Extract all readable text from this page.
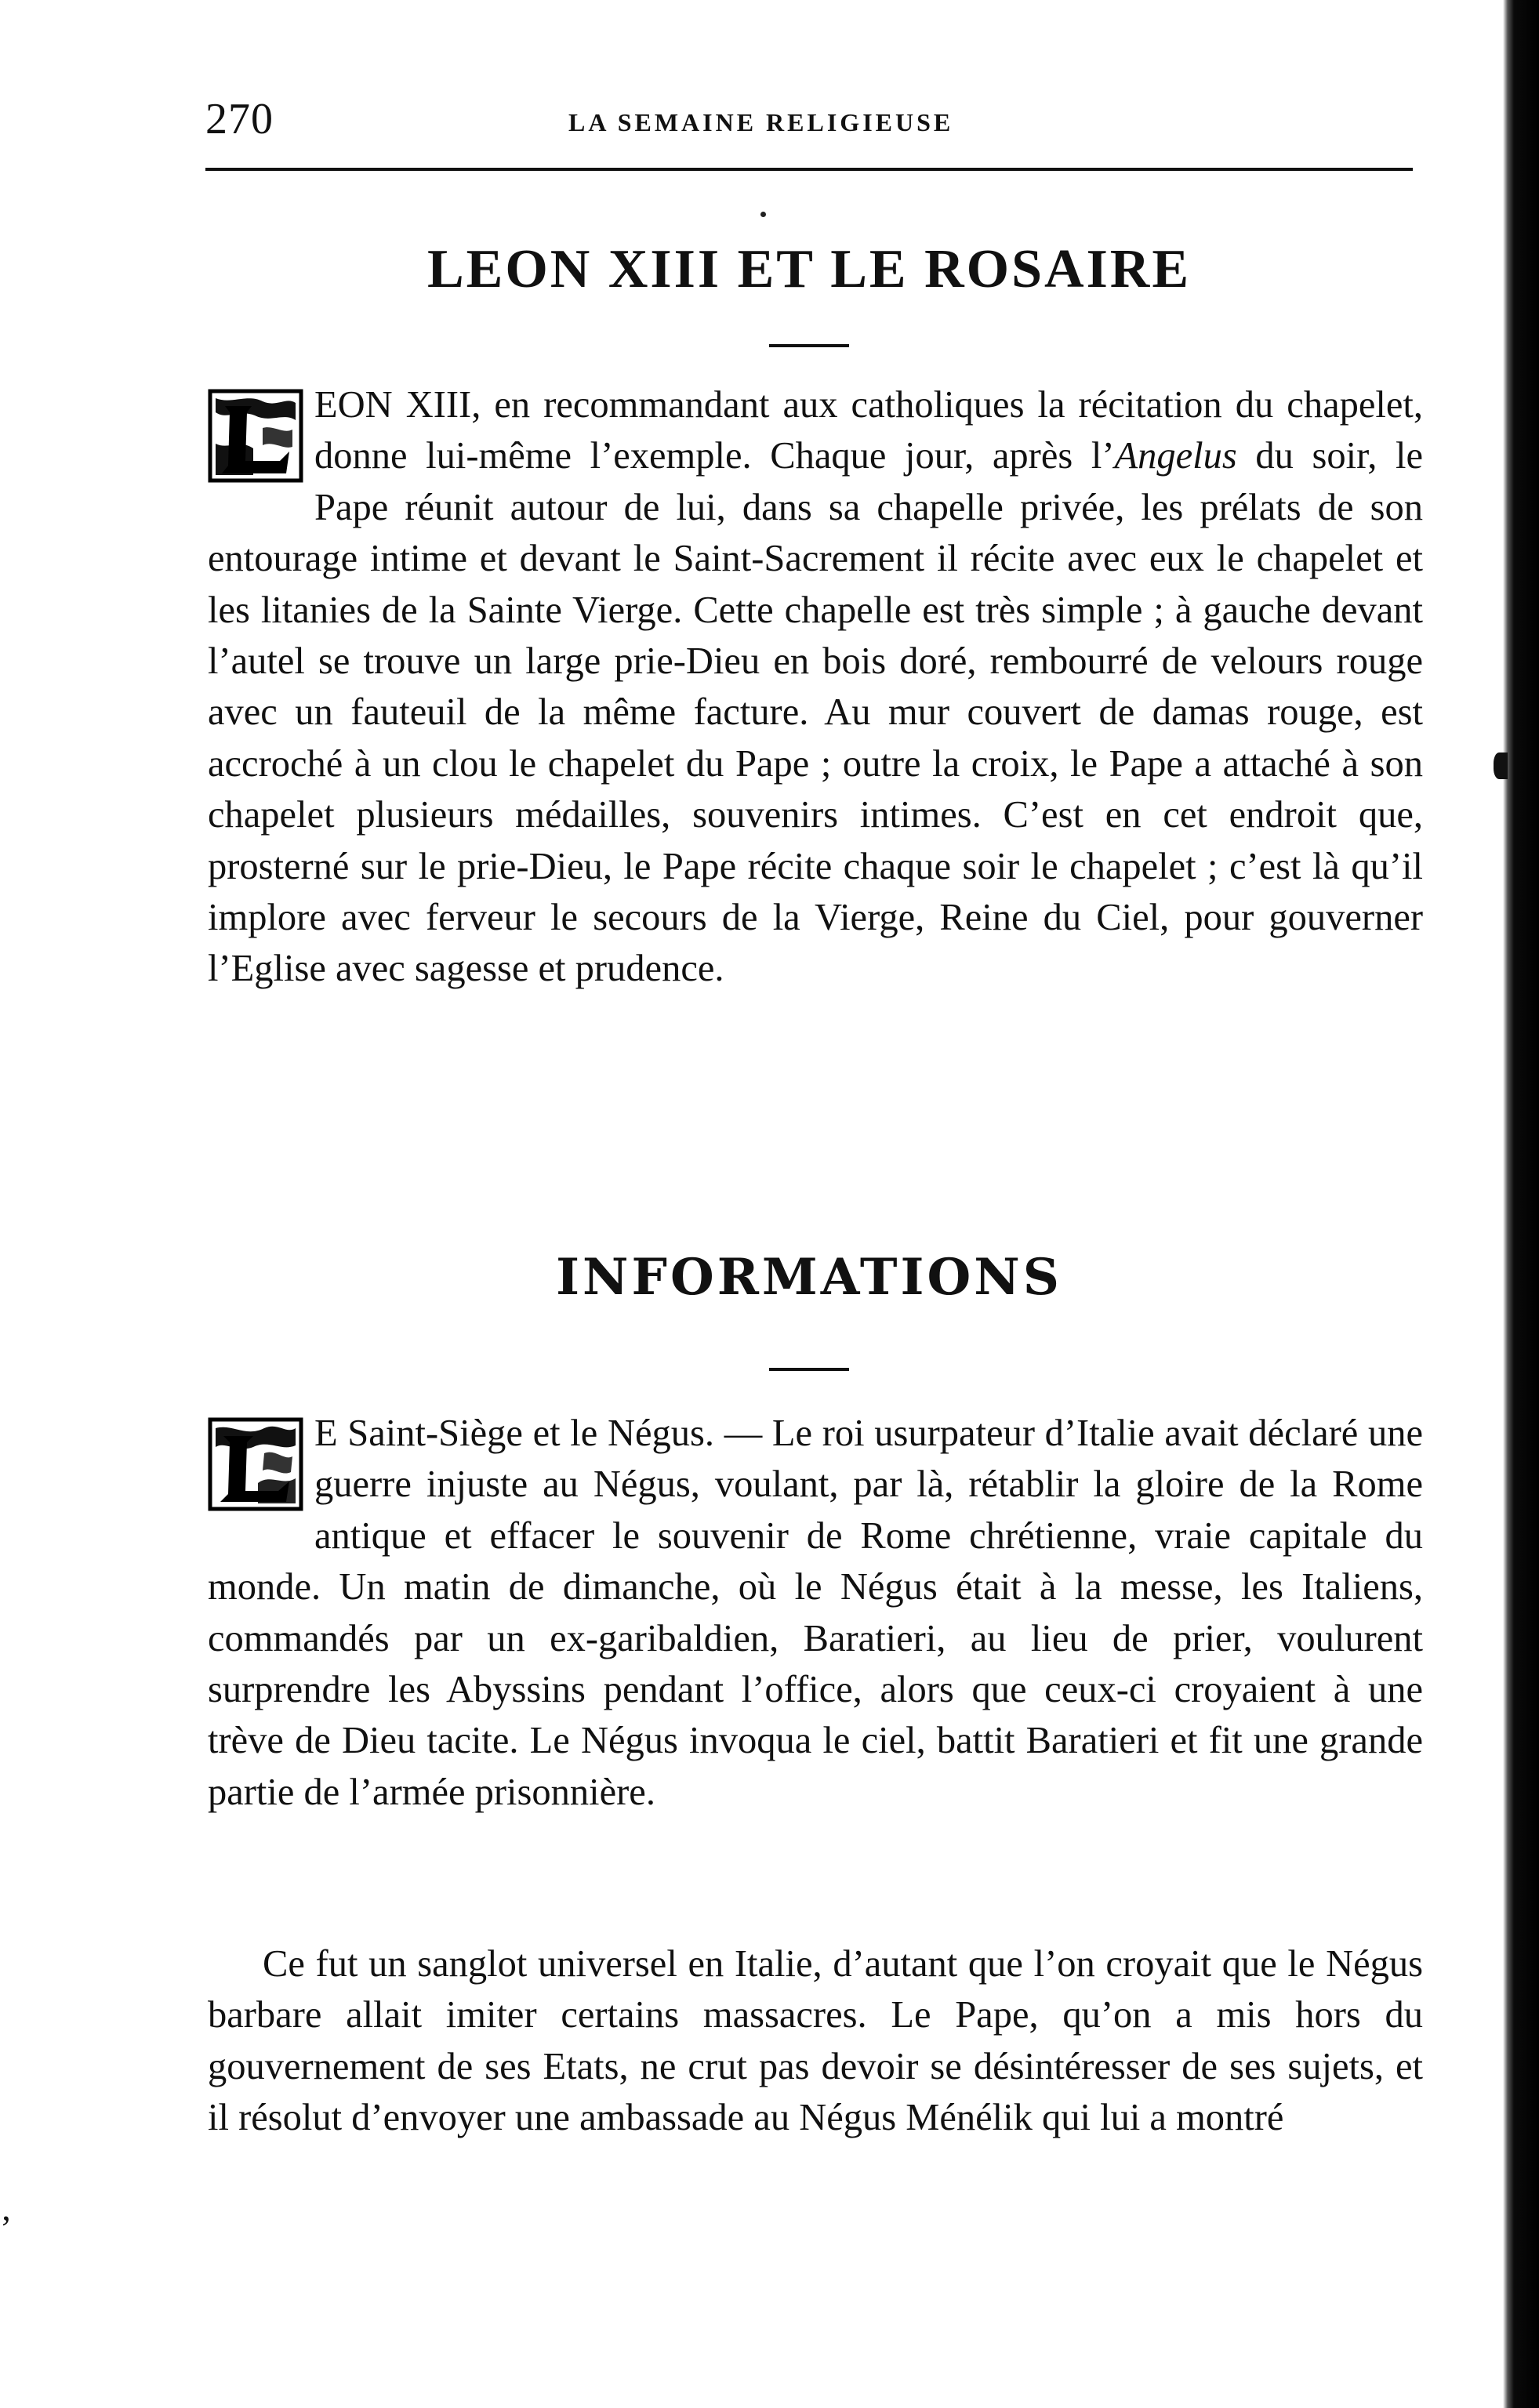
270	LA SEMAINE RELIGIEUSE
LEON XIII ET LE ROSAIRE

EON XIII, en recommandant aux catholiques la récitation du chapelet, donne lui-même l’exemple. Chaque jour, après l’Angelus du soir, le Pape réunit autour de lui, dans sa chapelle privée, les prélats de son entourage intime et devant le Saint-Sacrement il récite avec eux le chapelet et les litanies de la Sainte Vierge. Cette chapelle est très simple ; à gauche devant l’autel se trouve un large prie-Dieu en bois doré, rembourré de velours rouge avec un fauteuil de la même facture. Au mur couvert de damas rouge, est accroché à un clou le chapelet du Pape ; outre la croix, le Pape a attaché à son chapelet plusieurs médailles, souvenirs intimes. C’est en cet endroit que, prosterné sur le prie-Dieu, le Pape récite chaque soir le chapelet ; c’est là qu’il implore avec ferveur le secours de la Vierge, Reine du Ciel, pour gouverner l’Eglise avec sagesse et prudence.

INFORMATIONS

E Saint-Siège et le Négus. — Le roi usurpateur d’Italie avait déclaré une guerre injuste au Négus, voulant, par là, rétablir la gloire de la Rome antique et effacer le souvenir de Rome chrétienne, vraie capitale du monde. Un matin de dimanche, où le Négus était à la messe, les Italiens, commandés par un ex-garibaldien, Baratieri, au lieu de prier, voulurent surprendre les Abyssins pendant l’office, alors que ceux-ci croyaient à une trève de Dieu tacite. Le Négus invoqua le ciel, battit Baratieri et fit une grande partie de l’armée prisonnière.

Ce fut un sanglot universel en Italie, d’autant que l’on croyait que le Négus barbare allait imiter certains massacres. Le Pape, qu’on a mis hors du gouvernement de ses Etats, ne crut pas devoir se désintéresser de ses sujets, et il résolut d’envoyer une ambassade au Négus Ménélik qui lui a montré

‚
